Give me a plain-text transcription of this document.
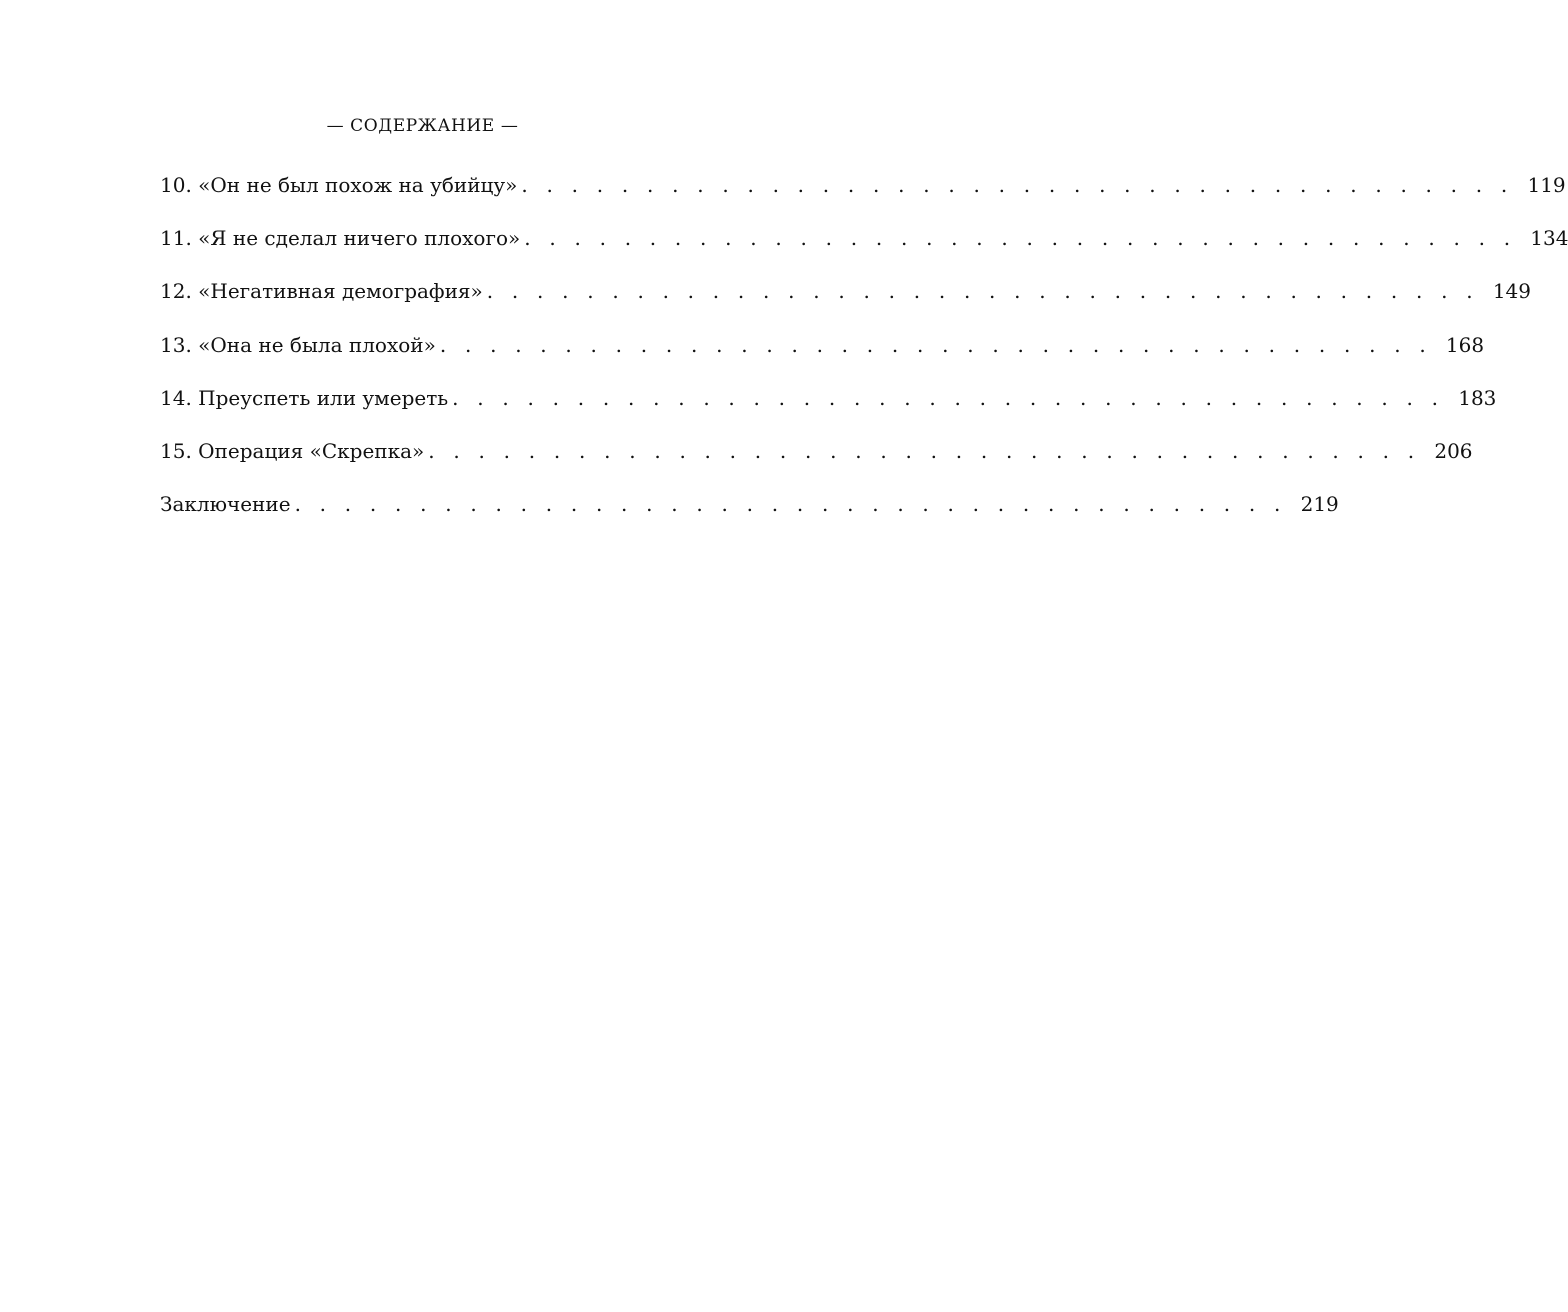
— СОДЕРЖАНИЕ —
10. «Он не был похож на убийцу» . . . . . . . . . . . . . . . . . . . . . . . . . . . . . . . . . . . . . . . . 119
11. «Я не сделал ничего плохого» . . . . . . . . . . . . . . . . . . . . . . . . . . . . . . . . . . . . . . . . 134
12. «Негативная демография» . . . . . . . . . . . . . . . . . . . . . . . . . . . . . . . . . . . . . . . . 149
13. «Она не была плохой» . . . . . . . . . . . . . . . . . . . . . . . . . . . . . . . . . . . . . . . . 168
14. Преуспеть или умереть . . . . . . . . . . . . . . . . . . . . . . . . . . . . . . . . . . . . . . . . 183
15. Операция «Скрепка» . . . . . . . . . . . . . . . . . . . . . . . . . . . . . . . . . . . . . . . . 206
Заключение . . . . . . . . . . . . . . . . . . . . . . . . . . . . . . . . . . . . . . . . 219
